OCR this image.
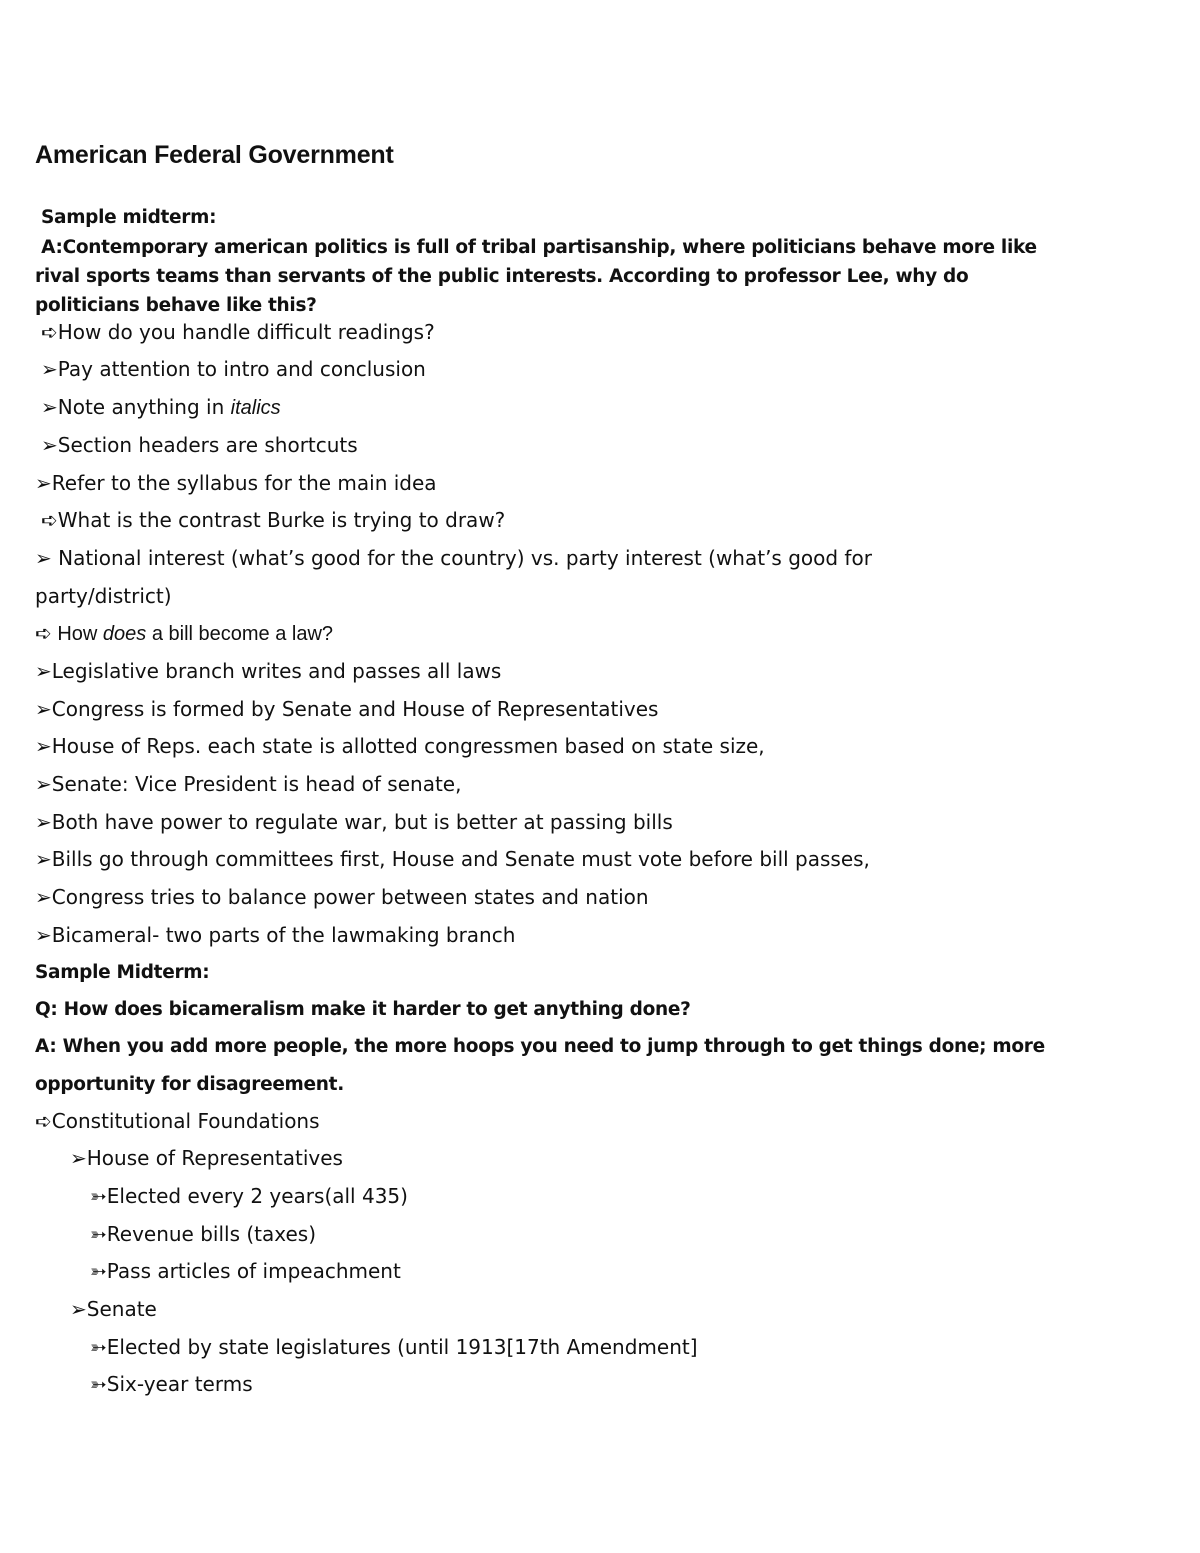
American Federal Government
Sample midterm:
A:Contemporary american politics is full of tribal partisanship, where politicians behave more like rival sports teams than servants of the public interests. According to professor Lee, why do politicians behave like this?
➪How do you handle difficult readings?
➢Pay attention to intro and conclusion
➢Note anything in italics
➢Section headers are shortcuts
➢Refer to the syllabus for the main idea
➪What is the contrast Burke is trying to draw?
➢ National interest (what’s good for the country) vs. party interest (what’s good for
party/district)
➪ How does a bill become a law?
➢Legislative branch writes and passes all laws
➢Congress is formed by Senate and House of Representatives
➢House of Reps. each state is allotted congressmen based on state size,
➢Senate: Vice President is head of senate,
➢Both have power to regulate war, but is better at passing bills
➢Bills go through committees first, House and Senate must vote before bill passes,
➢Congress tries to balance power between states and nation
➢Bicameral- two parts of the lawmaking branch
Sample Midterm:
Q: How does bicameralism make it harder to get anything done?
A: When you add more people, the more hoops you need to jump through to get things done; more
opportunity for disagreement.
➪Constitutional Foundations
➢House of Representatives
➳Elected every 2 years(all 435)
➳Revenue bills (taxes)
➳Pass articles of impeachment
➢Senate
➳Elected by state legislatures (until 1913[17th Amendment]
➳Six-year terms
